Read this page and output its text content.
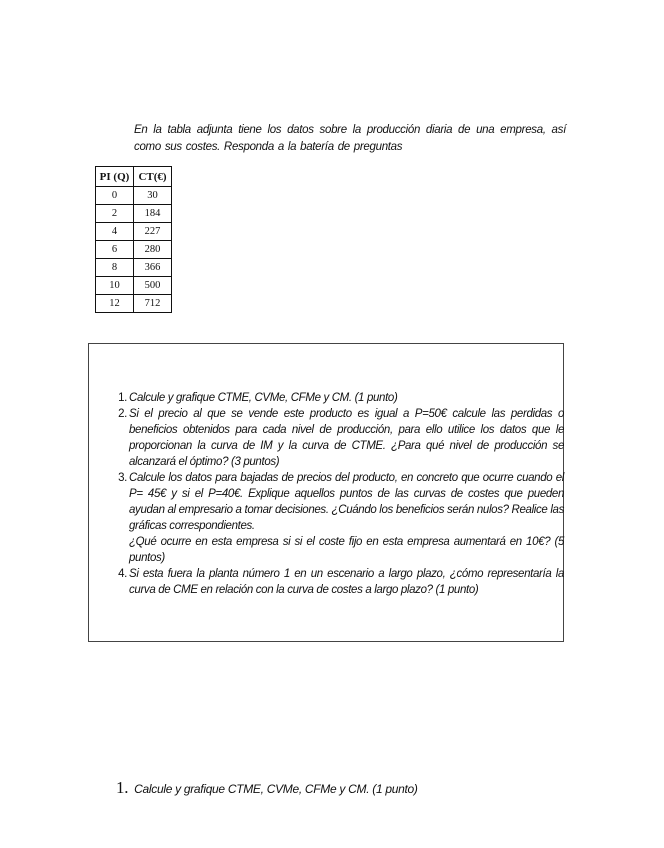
En la tabla adjunta tiene los datos sobre la producción diaria de una empresa, así como sus costes. Responda a la batería de preguntas

PI (Q)	CT(€)
0	30
2	184
4	227
6	280
8	366
10	500
12	712
1. Calcule y grafique CTME, CVMe, CFMe y CM. (1 punto)

2. Si el precio al que se vende este producto es igual a P=50€ calcule las perdidas o beneficios obtenidos para cada nivel de producción, para ello utilice los datos que le proporcionan la curva de IM y la curva de CTME. ¿Para qué nivel de producción se alcanzará el óptimo? (3 puntos)

3. Calcule los datos para bajadas de precios del producto, en concreto que ocurre cuando el P= 45€ y si el P=40€. Explique aquellos puntos de las curvas de costes que pueden ayudan al empresario a tomar decisiones. ¿Cuándo los beneficios serán nulos? Realice las gráficas correspondientes.

¿Qué ocurre en esta empresa si si el coste fijo en esta empresa aumentará en 10€? (5 puntos)

4. Si esta fuera la planta número 1 en un escenario a largo plazo, ¿cómo representaría la curva de CME en relación con la curva de costes a largo plazo? (1 punto)

1. Calcule y grafique CTME, CVMe, CFMe y CM. (1 punto)
